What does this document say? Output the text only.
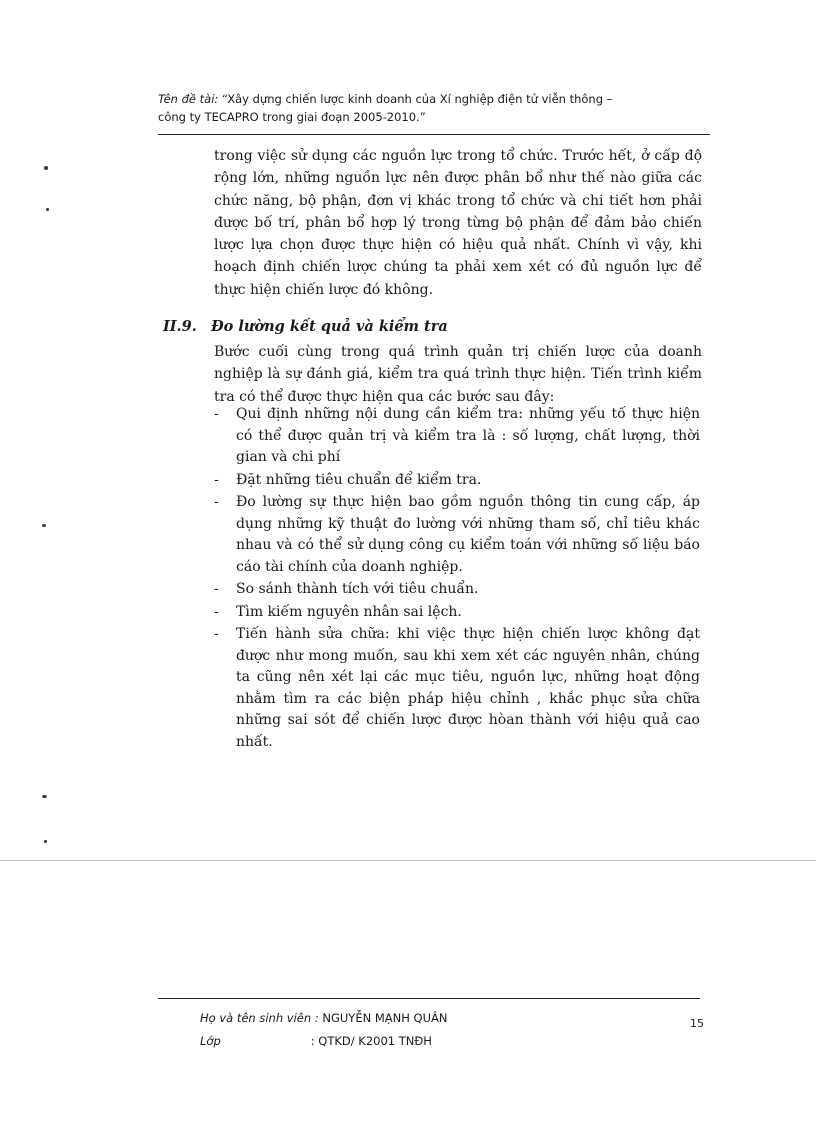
Tên đề tài: “Xây dựng chiến lược kinh doanh của Xí nghiệp điện tử viễn thông –
công ty TECAPRO trong giai đoạn 2005-2010.”
trong việc sử dụng các nguồn lực trong tổ chức. Trước hết, ở cấp độ rộng lớn, những nguồn lực nên được phân bổ như thế nào giữa các chức năng, bộ phận, đơn vị khác trong tổ chức và chi tiết hơn phải được bố trí, phân bổ hợp lý trong từng bộ phận để đảm bảo chiến lược lựa chọn được thực hiện có hiệu quả nhất. Chính vì vậy, khi hoạch định chiến lược chúng ta phải xem xét có đủ nguồn lực để thực hiện chiến lược đó không.
II.9. Đo lường kết quả và kiểm tra
Bước cuối cùng trong quá trình quản trị chiến lược của doanh nghiệp là sự đánh giá, kiểm tra quá trình thực hiện. Tiến trình kiểm tra có thể được thực hiện qua các bước sau đây:
- Qui định những nội dung cần kiểm tra: những yếu tố thực hiện có thể được quản trị và kiểm tra là : số lượng, chất lượng, thời gian và chi phí
- Đặt những tiêu chuẩn để kiểm tra.
- Đo lường sự thực hiện bao gồm nguồn thông tin cung cấp, áp dụng những kỹ thuật đo lường với những tham số, chỉ tiêu khác nhau và có thể sử dụng công cụ kiểm toán với những số liệu báo cáo tài chính của doanh nghiệp.
- So sánh thành tích với tiêu chuẩn.
- Tìm kiếm nguyên nhân sai lệch.
- Tiến hành sửa chữa: khi việc thực hiện chiến lược không đạt được như mong muốn, sau khi xem xét các nguyên nhân, chúng ta cũng nên xét lại các mục tiêu, nguồn lực, những hoạt động nhằm tìm ra các biện pháp hiệu chỉnh , khắc phục sửa chữa những sai sót để chiến lược được hòan thành với hiệu quả cao nhất.
Họ và tên sinh viên : NGUYỄN MẠNH QUÂN
Lớp	: QTKD/ K2001 TNĐH
15
